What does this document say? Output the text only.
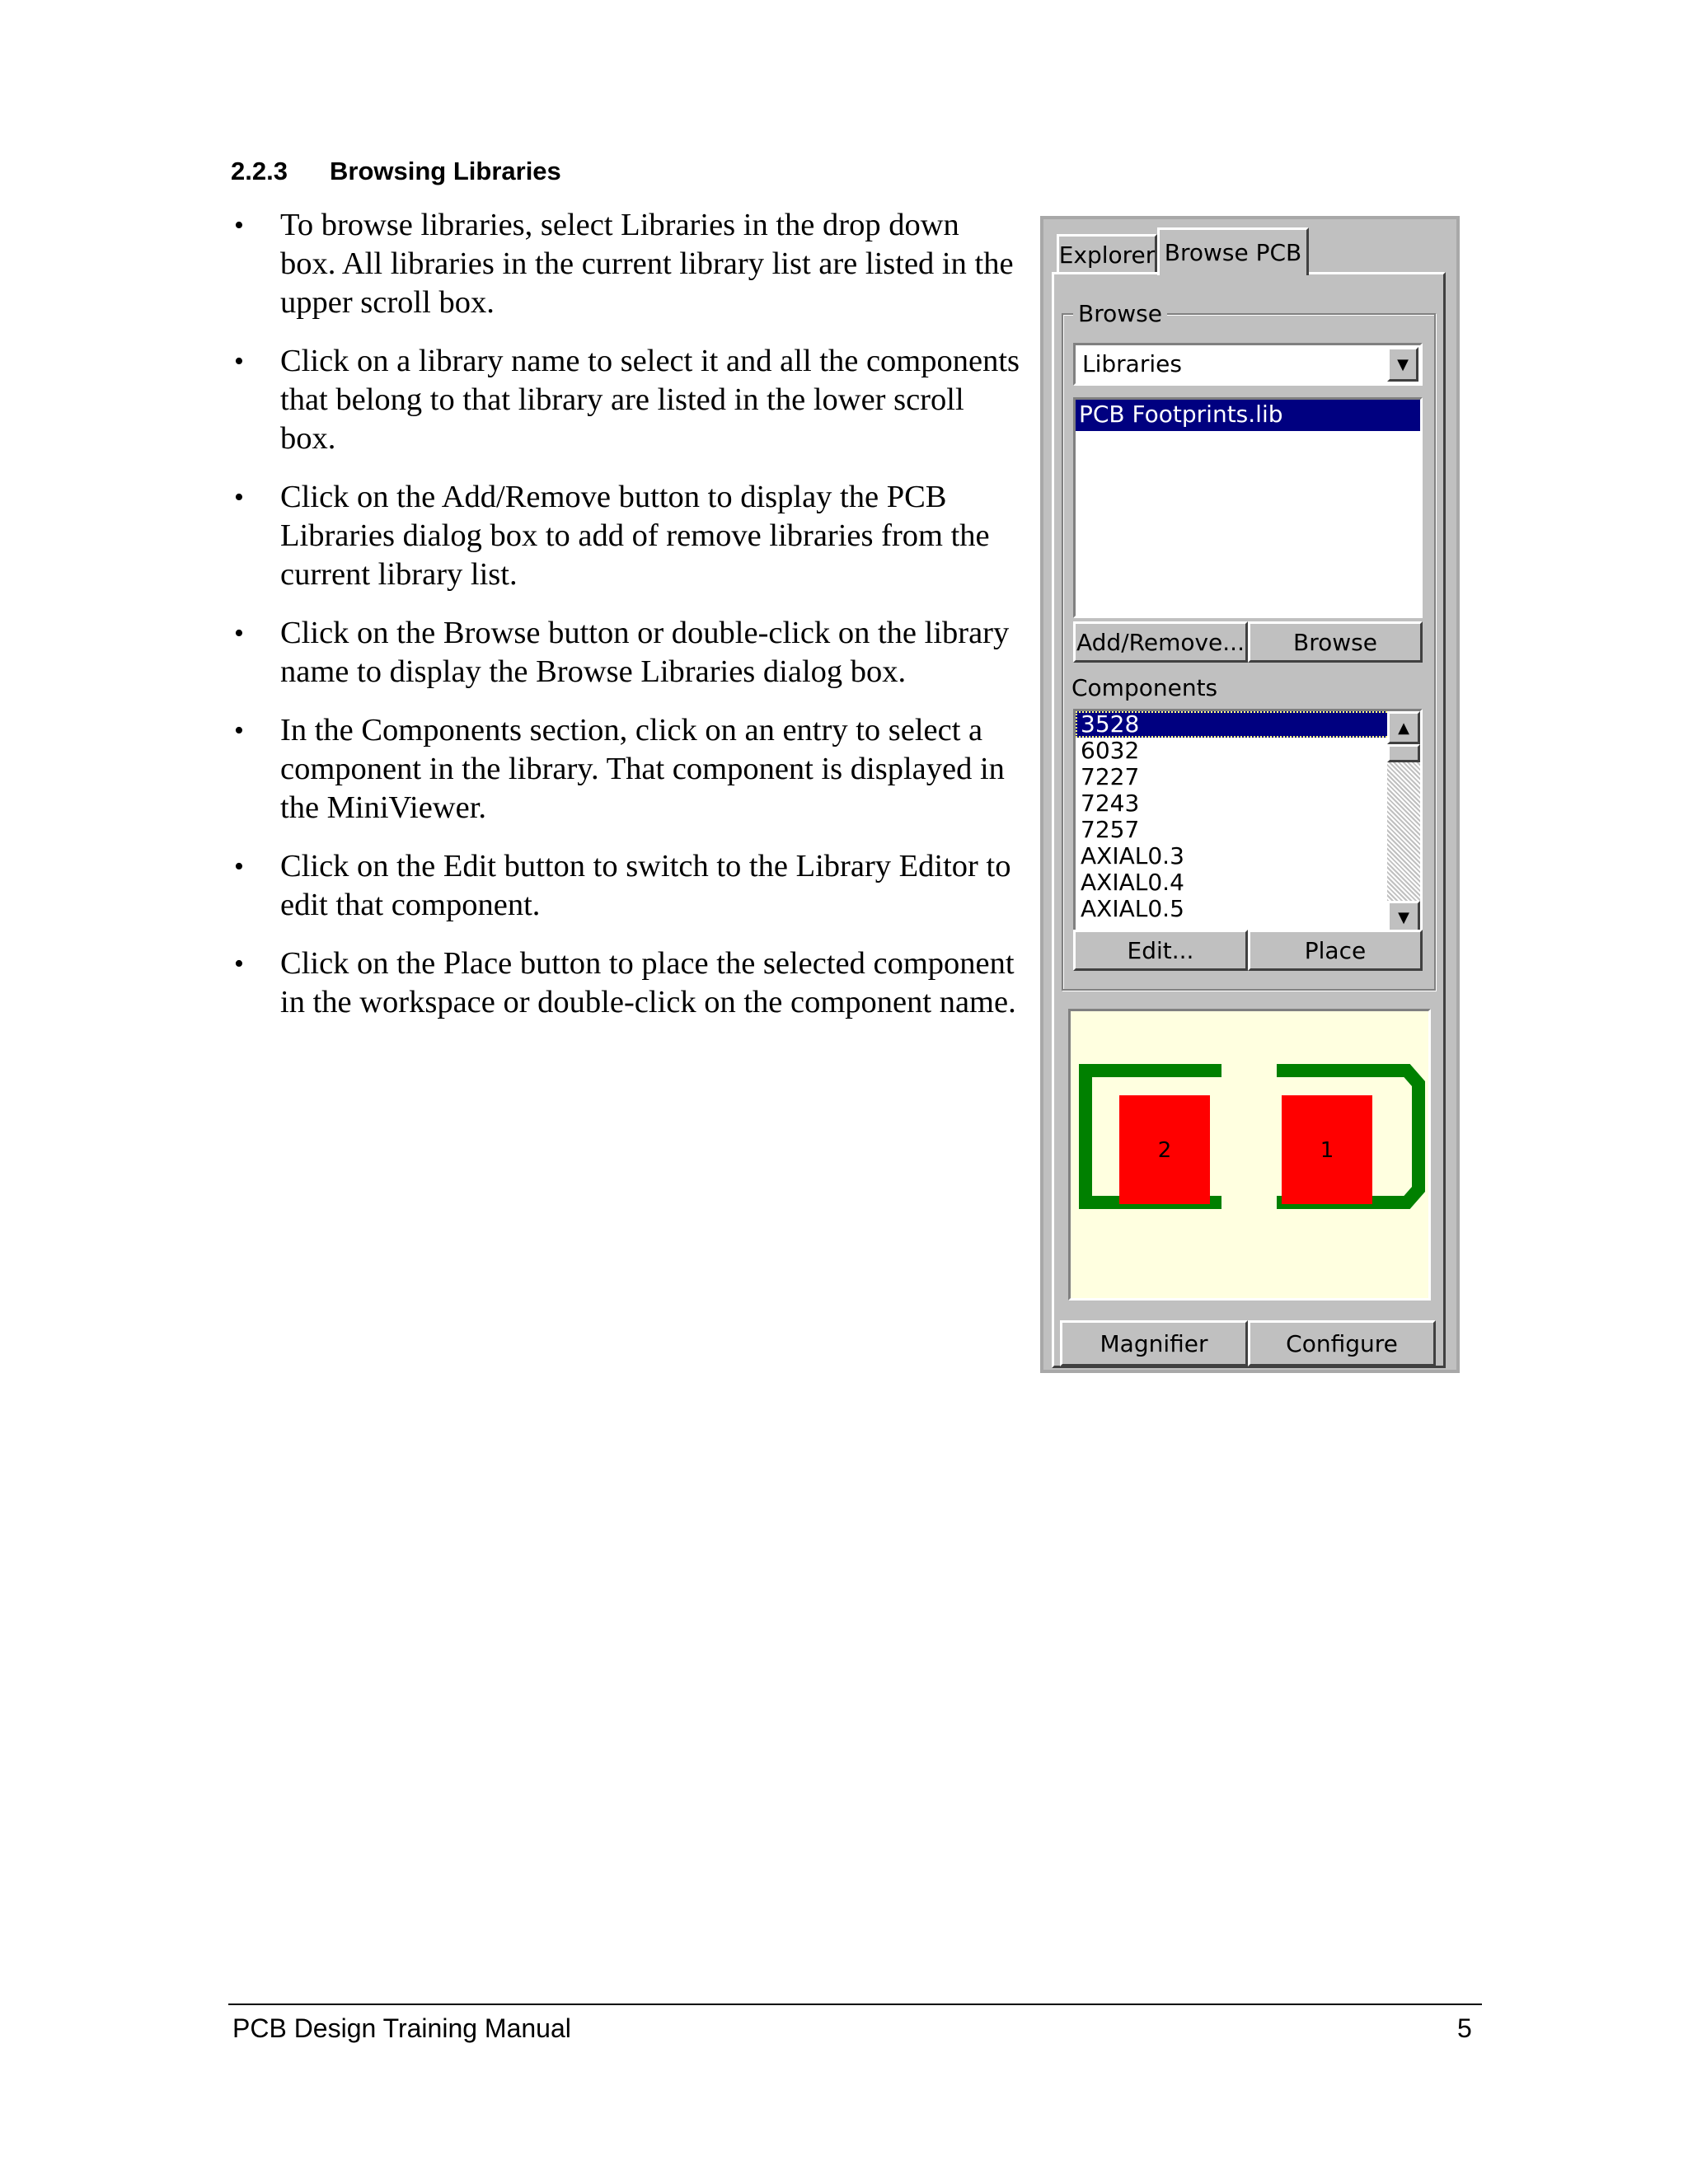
2.2.3 Browsing Libraries
• To browse libraries, select Libraries in the drop down box. All libraries in the current library list are listed in the upper scroll box.
• Click on a library name to select it and all the components that belong to that library are listed in the lower scroll box.
• Click on the Add/Remove button to display the PCB Libraries dialog box to add of remove libraries from the current library list.
• Click on the Browse button or double-click on the library name to display the Browse Libraries dialog box.
• In the Components section, click on an entry to select a component in the library. That component is displayed in the MiniViewer.
• Click on the Edit button to switch to the Library Editor to edit that component.
• Click on the Place button to place the selected component in the workspace or double-click on the component name.
Explorer Browse PCB
Browse
Libraries	▼
PCB Footprints.lib
Add/Remove...	Browse
Components
3528
6032
7227
7243
7257
AXIAL0.3
AXIAL0.4
AXIAL0.5
▲
▼
Edit...	Place
2	1
Magnifier	Configure
PCB Design Training Manual	5
